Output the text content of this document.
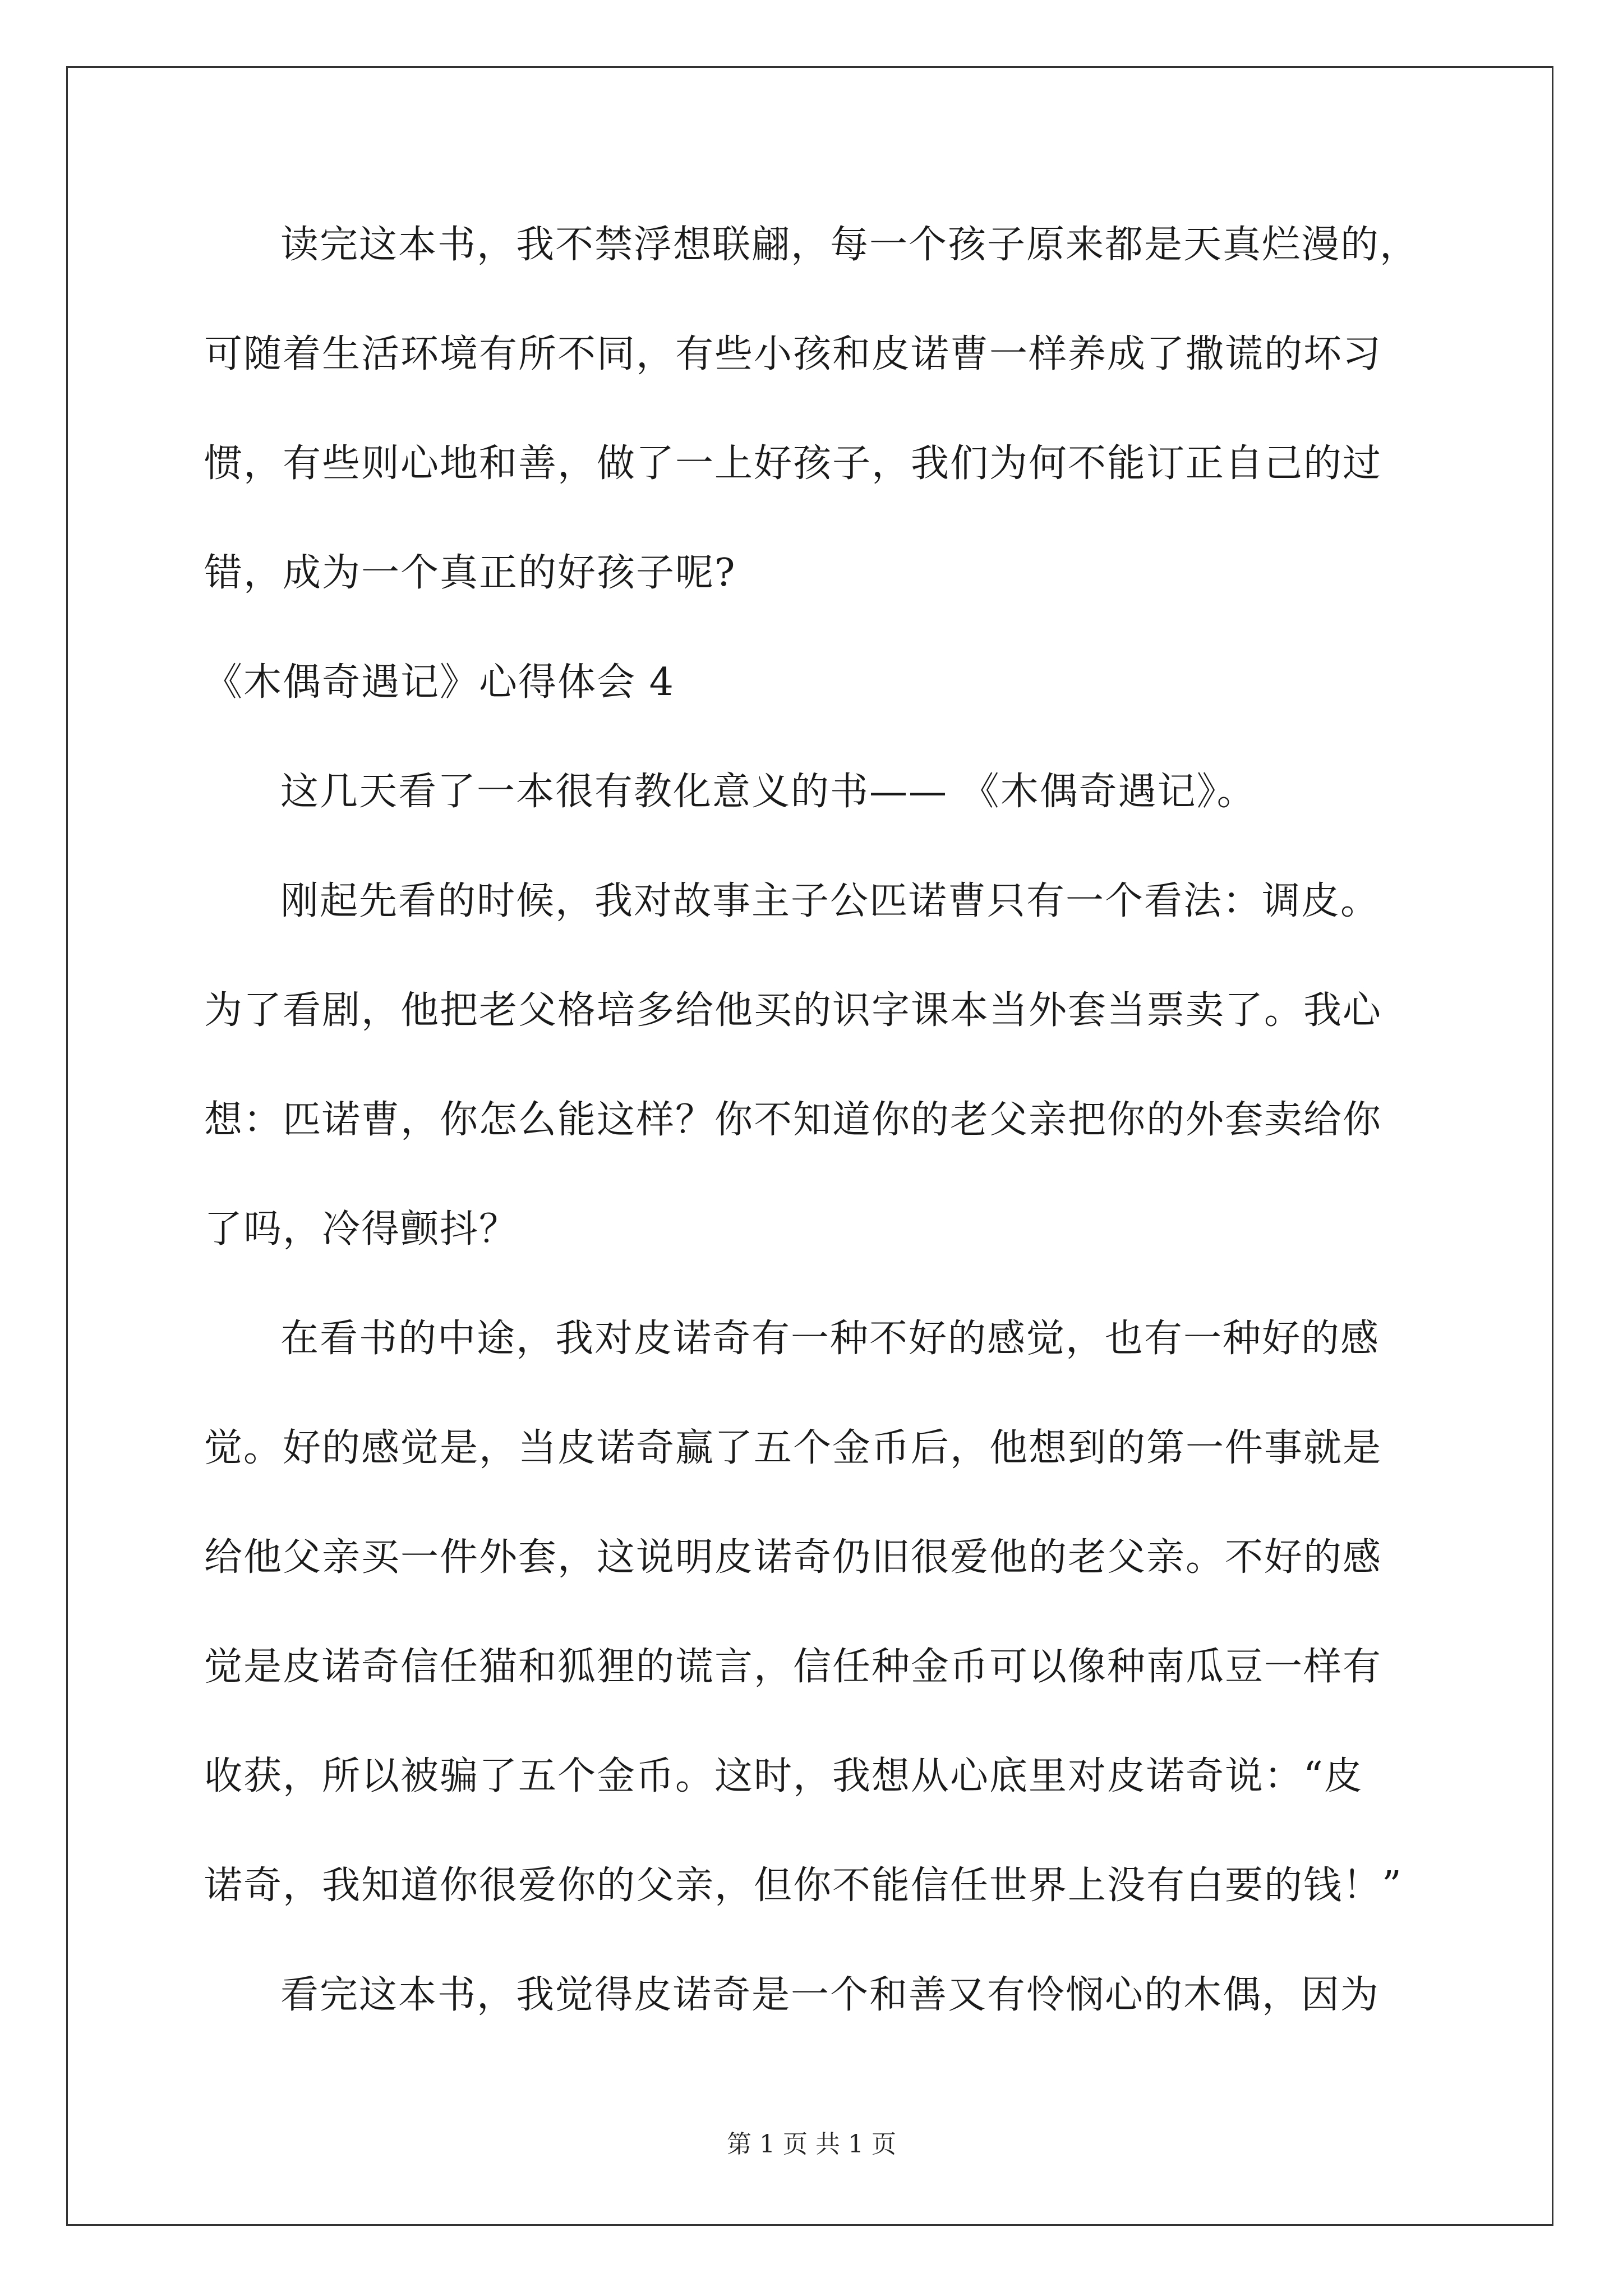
读完这本书，我不禁浮想联翩，每一个孩子原来都是天真烂漫的，
可随着生活环境有所不同，有些小孩和皮诺曹一样养成了撒谎的坏习
惯，有些则心地和善，做了一上好孩子，我们为何不能订正自己的过
错，成为一个真正的好孩子呢?
《木偶奇遇记》心得体会 4
这几天看了一本很有教化意义的书—— 《木偶奇遇记》。
刚起先看的时候，我对故事主子公匹诺曹只有一个看法：调皮。
为了看剧，他把老父格培多给他买的识字课本当外套当票卖了。我心
想：匹诺曹，你怎么能这样？你不知道你的老父亲把你的外套卖给你
了吗，冷得颤抖？
在看书的中途，我对皮诺奇有一种不好的感觉，也有一种好的感
觉。好的感觉是，当皮诺奇赢了五个金币后，他想到的第一件事就是
给他父亲买一件外套，这说明皮诺奇仍旧很爱他的老父亲。不好的感
觉是皮诺奇信任猫和狐狸的谎言，信任种金币可以像种南瓜豆一样有
收获，所以被骗了五个金币。这时，我想从心底里对皮诺奇说：“皮
诺奇，我知道你很爱你的父亲，但你不能信任世界上没有白要的钱！”
看完这本书，我觉得皮诺奇是一个和善又有怜悯心的木偶，因为
第 1 页 共 1 页
